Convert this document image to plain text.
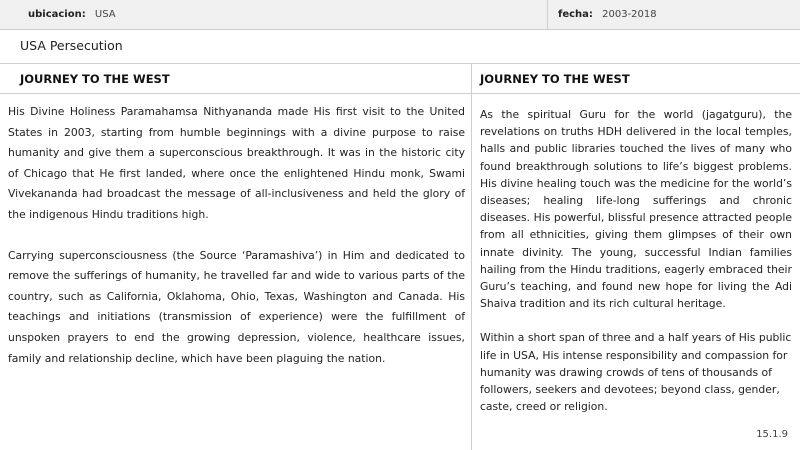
ubicacion: USA	fecha: 2003-2018
USA Persecution
JOURNEY TO THE WEST	JOURNEY TO THE WEST

His Divine Holiness Paramahamsa Nithyananda made His first visit to the United States in 2003, starting from humble beginnings with a divine purpose to raise humanity and give them a superconscious breakthrough. It was in the historic city of Chicago that He first landed, where once the enlightened Hindu monk, Swami Vivekananda had broadcast the message of all-inclusiveness and held the glory of the indigenous Hindu traditions high.

Carrying superconsciousness (the Source ‘Paramashiva’) in Him and dedicated to remove the sufferings of humanity, he travelled far and wide to various parts of the country, such as California, Oklahoma, Ohio, Texas, Washington and Canada. His teachings and initiations (transmission of experience) were the fulfillment of unspoken prayers to end the growing depression, violence, healthcare issues, family and relationship decline, which have been plaguing the nation.

As the spiritual Guru for the world (jagatguru), the revelations on truths HDH delivered in the local temples, halls and public libraries touched the lives of many who found breakthrough solutions to life’s biggest problems. His divine healing touch was the medicine for the world’s diseases; healing life-long sufferings and chronic diseases. His powerful, blissful presence attracted people from all ethnicities, giving them glimpses of their own innate divinity. The young, successful Indian families hailing from the Hindu traditions, eagerly embraced their Guru’s teaching, and found new hope for living the Adi Shaiva tradition and its rich cultural heritage.

Within a short span of three and a half years of His public life in USA, His intense responsibility and compassion for humanity was drawing crowds of tens of thousands of followers, seekers and devotees; beyond class, gender, caste, creed or religion.

15.1.9
